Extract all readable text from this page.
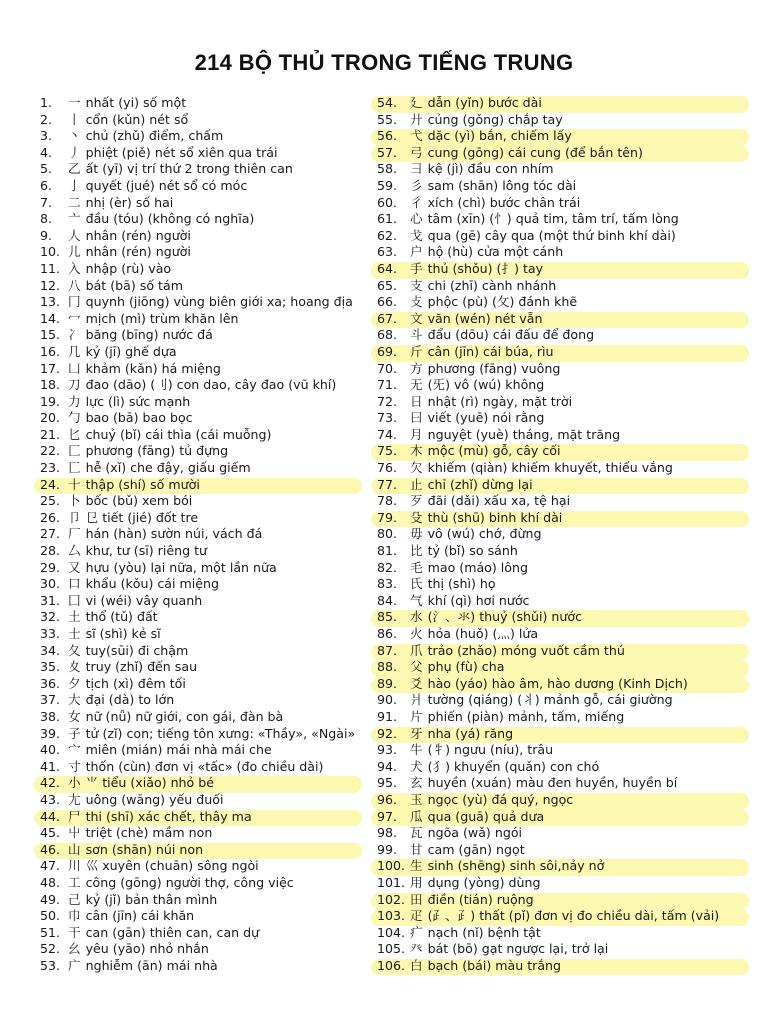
214 BỘ THỦ TRONG TIẾNG TRUNG
1. 一 nhất (yi) số một
2. 丨 cổn (kǔn) nét sổ
3. 丶 chủ (zhǔ) điểm, chấm
4. 丿 phiệt (piě) nét sổ xiên qua trái
5. 乙 ất (yī) vị trí thứ 2 trong thiên can
6. 亅 quyết (jué) nét sổ có móc
7. 二 nhị (èr) số hai
8. 亠 đầu (tóu) (không có nghĩa)
9. 人 nhân (rén) người
10. 儿 nhân (rén) người
11. 入 nhập (rù) vào
12. 八 bát (bā) số tám
13. 冂 quynh (jiōng) vùng biên giới xa; hoang địa
14. 冖 mịch (mì) trùm khăn lên
15. 冫 băng (bīng) nước đá
16. 几 kỷ (jī) ghế dựa
17. 凵 khảm (kǎn) há miệng
18. 刀 đao (dāo) (刂) con dao, cây đao (vũ khí)
19. 力 lực (lì) sức mạnh
20. 勹 bao (bā) bao bọc
21. 匕 chuỷ (bǐ) cái thìa (cái muỗng)
22. 匚 phương (fāng) tủ đựng
23. 匸 hễ (xǐ) che đậy, giấu giếm
24. 十 thập (shí) số mười
25. 卜 bốc (bǔ) xem bói
26. 卩 㔾 tiết (jié) đốt tre
27. 厂 hán (hàn) sườn núi, vách đá
28. 厶 khư, tư (sī) riêng tư
29. 又 hựu (yòu) lại nữa, một lần nữa
30. 口 khẩu (kǒu) cái miệng
31. 囗 vi (wéi) vây quanh
32. 土 thổ (tǔ) đất
33. 士 sĩ (shì) kẻ sĩ
34. 夂 tuy(sūi) đi chậm
35. 夊 truy (zhǐ) đến sau
36. 夕 tịch (xì) đêm tối
37. 大 đại (dà) to lớn
38. 女 nữ (nǚ) nữ giới, con gái, đàn bà
39. 子 tử (zǐ) con; tiếng tôn xưng: «Thầy», «Ngài»
40. 宀 miên (mián) mái nhà mái che
41. 寸 thốn (cùn) đơn vị «tấc» (đo chiều dài)
42. 小 ⺌ tiểu (xiǎo) nhỏ bé
43. 尢 uông (wāng) yếu đuối
44. 尸 thi (shī) xác chết, thây ma
45. 屮 triệt (chè) mầm non
46. 山 sơn (shān) núi non
47. 川 巛 xuyên (chuān) sông ngòi
48. 工 công (gōng) người thợ, công việc
49. 己 kỷ (jǐ) bản thân mình
50. 巾 cân (jīn) cái khăn
51. 干 can (gān) thiên can, can dự
52. 幺 yêu (yāo) nhỏ nhắn
53. 广 nghiễm (ān) mái nhà
54. 廴 dẫn (yǐn) bước dài
55. 廾 củng (gǒng) chắp tay
56. 弋 dặc (yì) bắn, chiếm lấy
57. 弓 cung (gōng) cái cung (để bắn tên)
58. 彐 kệ (jì) đầu con nhím
59. 彡 sam (shān) lông tóc dài
60. 彳 xích (chì) bước chân trái
61. 心 tâm (xīn) (忄) quả tim, tâm trí, tấm lòng
62. 戈 qua (gē) cây qua (một thứ binh khí dài)
63. 户 hộ (hù) cửa một cánh
64. 手 thủ (shǒu) (扌) tay
65. 支 chi (zhī) cành nhánh
66. 攴 phộc (pù) (攵) đánh khẽ
67. 文 văn (wén) nét vẵn
68. 斗 đẩu (dōu) cái đấu để đong
69. 斤 cân (jīn) cái búa, rìu
70. 方 phương (fāng) vuông
71. 无 (旡) vô (wú) không
72. 日 nhật (rì) ngày, mặt trời
73. 曰 viết (yuē) nói rằng
74. 月 nguyệt (yuè) tháng, mặt trăng
75. 木 mộc (mù) gỗ, cây cối
76. 欠 khiếm (qiàn) khiếm khuyết, thiếu vắng
77. 止 chỉ (zhǐ) dừng lại
78. 歹 đãi (dǎi) xấu xa, tệ hại
79. 殳 thù (shū) binh khí dài
80. 毋 vô (wú) chớ, đừng
81. 比 tỷ (bǐ) so sánh
82. 毛 mao (máo) lông
83. 氏 thị (shì) họ
84. 气 khí (qì) hơi nước
85. 水 (氵、氺) thuỷ (shǔi) nước
86. 火 hỏa (huǒ) (灬) lửa
87. 爪 trảo (zhǎo) móng vuốt cầm thú
88. 父 phụ (fù) cha
89. 爻 hào (yáo) hào âm, hào dương (Kinh Dịch)
90. 爿 tường (qiáng) (丬) mảnh gỗ, cái giường
91. 片 phiến (piàn) mảnh, tấm, miếng
92. 牙 nha (yá) răng
93. 牛 (牜) ngưu (níu), trâu
94. 犬 (犭) khuyển (quǎn) con chó
95. 玄 huyền (xuán) màu đen huyền, huyền bí
96. 玉 ngọc (yù) đá quý, ngọc
97. 瓜 qua (guā) quả dưa
98. 瓦 ngõa (wǎ) ngói
99. 甘 cam (gān) ngọt
100. 生 sinh (shēng) sinh sôi,nảy nở
101. 用 dụng (yòng) dùng
102. 田 điền (tián) ruộng
103. 疋 (⺪、⺪) thất (pǐ) đơn vị đo chiều dài, tấm (vải)
104. 疒 nạch (nǐ) bệnh tật
105. 癶 bát (bō) gạt ngược lại, trở lại
106. 白 bạch (bái) màu trắng
